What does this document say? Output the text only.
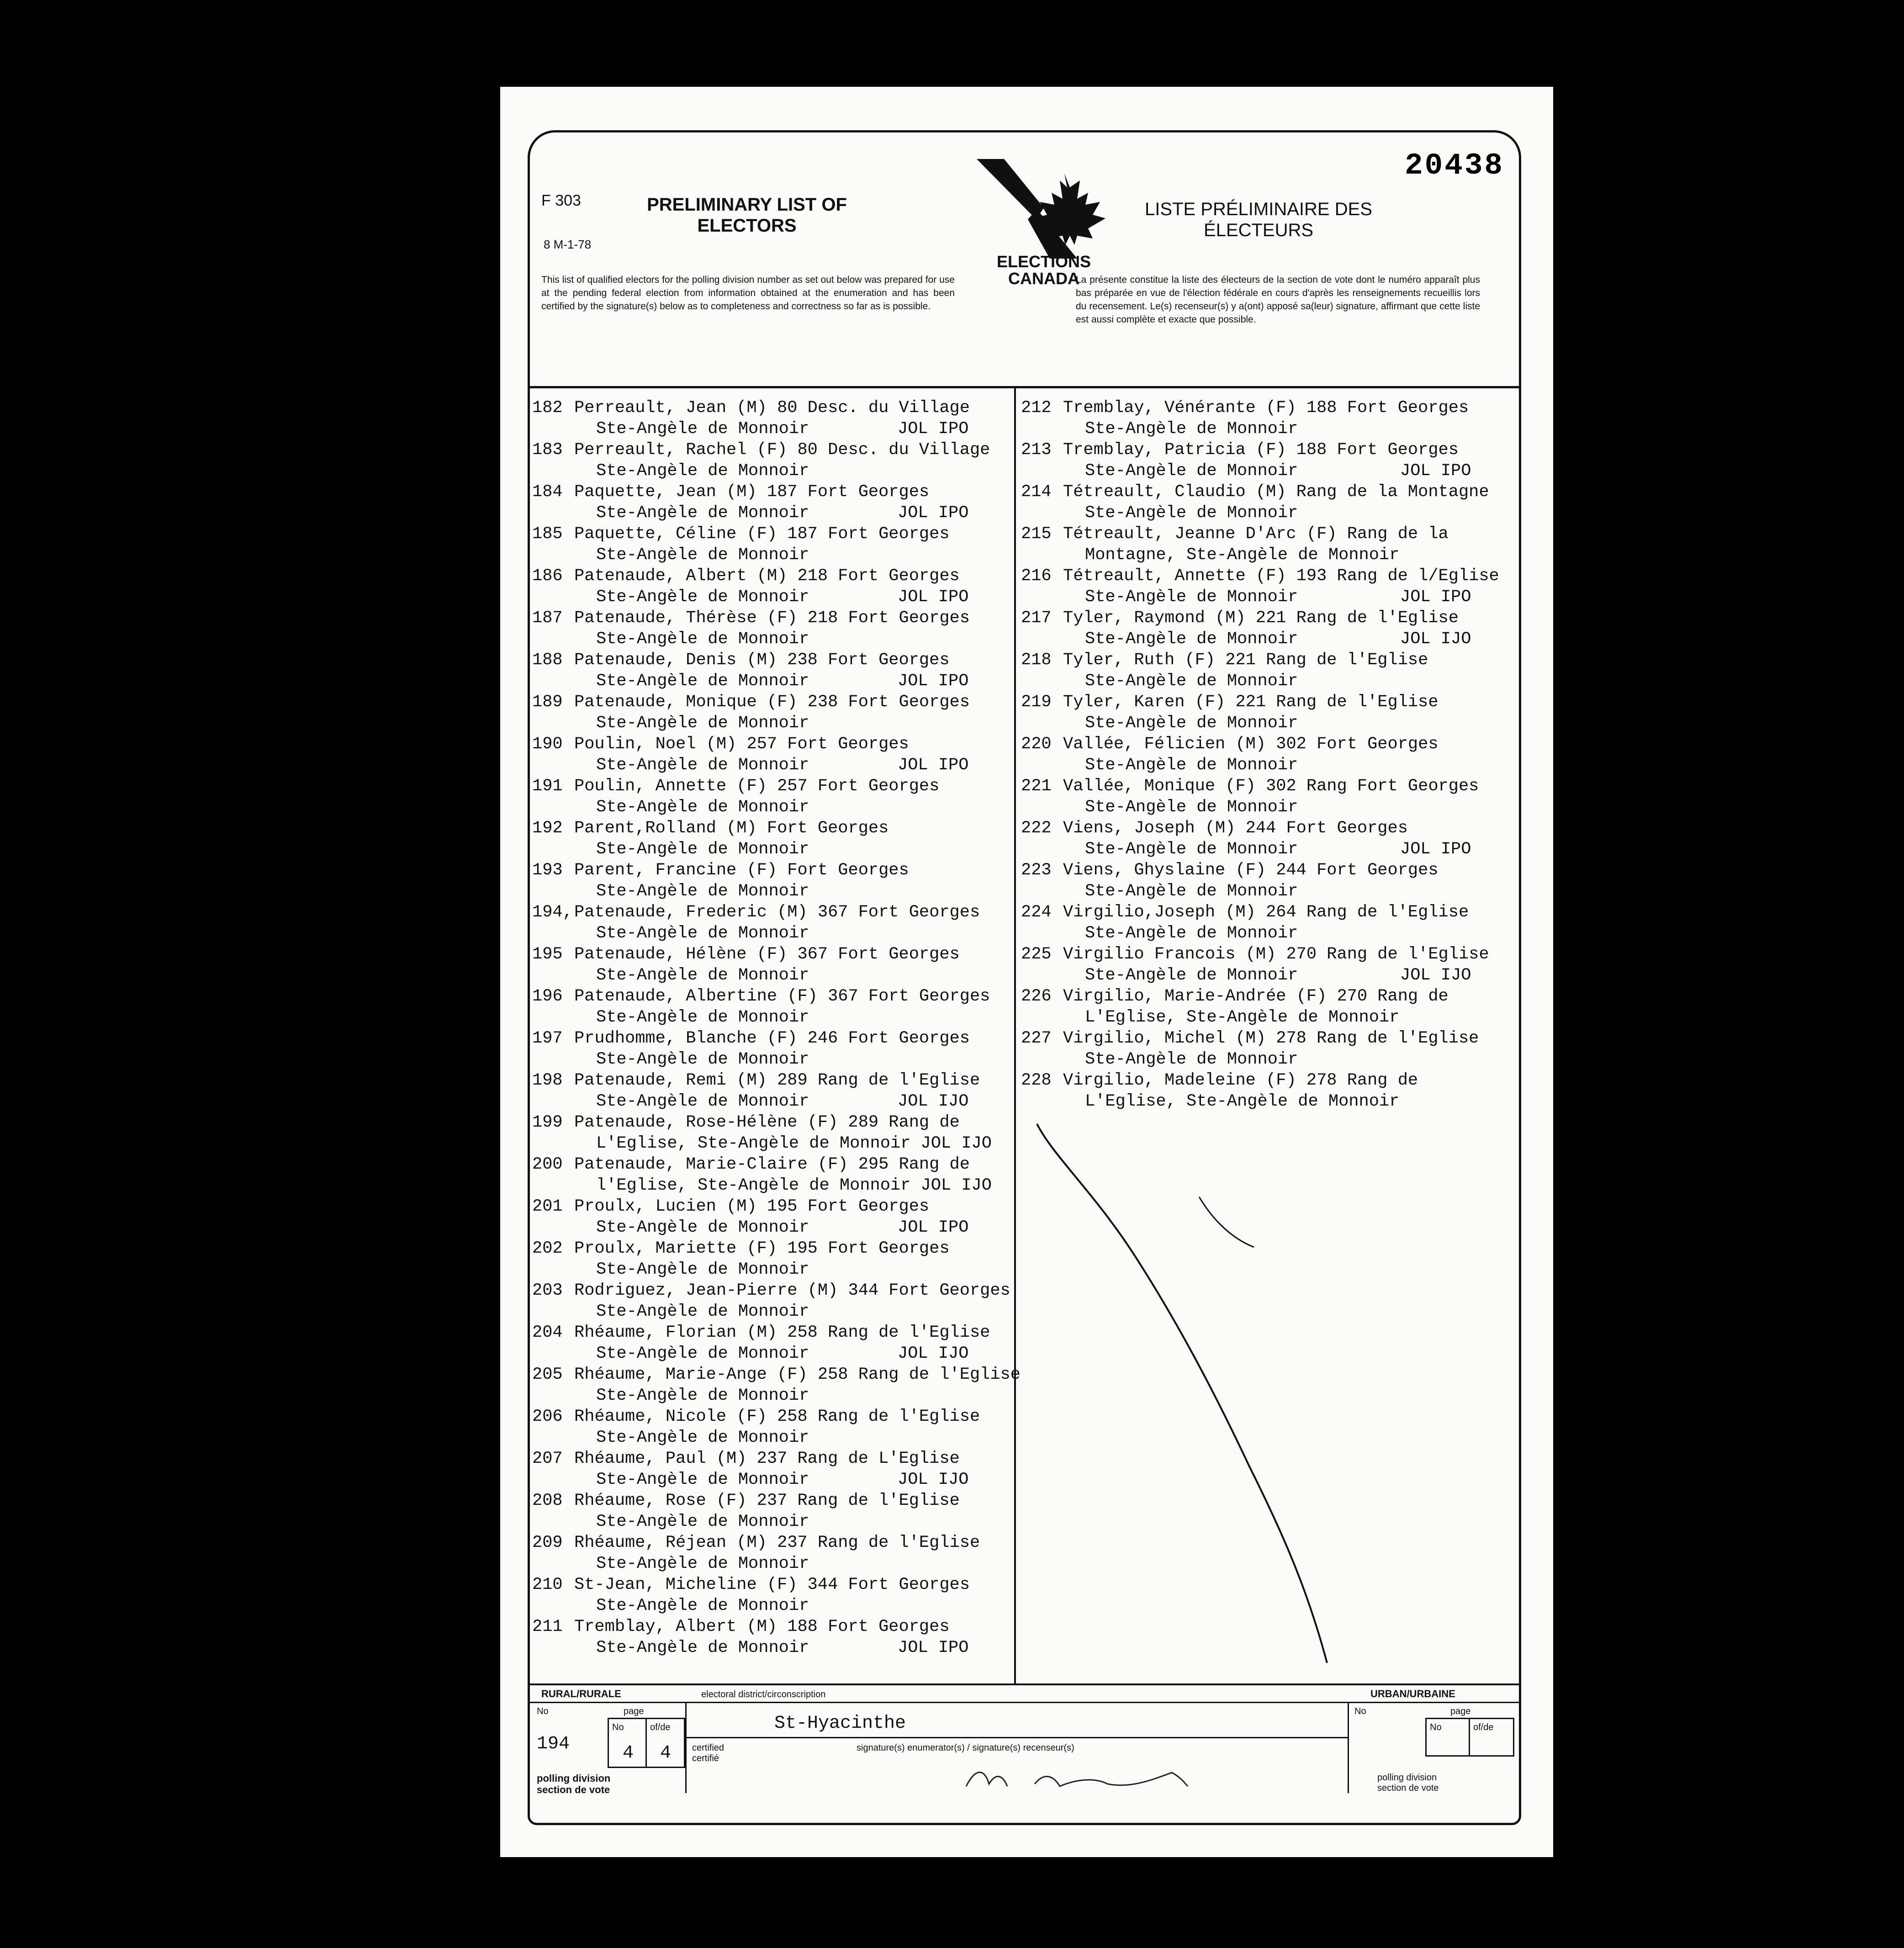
20438
F 303
8 M-1-78
PRELIMINARY LIST OF ELECTORS
LISTE PRÉLIMINAIRE DES ÉLECTEURS
ELECTIONS
CANADA
This list of qualified electors for the polling division number as set out below was prepared for use at the pending federal election from information obtained at the enumeration and has been certified by the signature(s) below as to completeness and correctness so far as is possible.
La présente constitue la liste des électeurs de la section de vote dont le numéro apparaît plus bas préparée en vue de l'élection fédérale en cours d'après les renseignements recueillis lors du recensement. Le(s) recenseur(s) y a(ont) apposé sa(leur) signature, affirmant que cette liste est aussi complète et exacte que possible.
182 Perreault, Jean (M) 80 Desc. du Village
Ste-Angèle de Monnoir	JOL IPO
183 Perreault, Rachel (F) 80 Desc. du Village
Ste-Angèle de Monnoir
184 Paquette, Jean (M) 187 Fort Georges
Ste-Angèle de Monnoir	JOL IPO
185 Paquette, Céline (F) 187 Fort Georges
Ste-Angèle de Monnoir
186 Patenaude, Albert (M) 218 Fort Georges
Ste-Angèle de Monnoir	JOL IPO
187 Patenaude, Thérèse (F) 218 Fort Georges
Ste-Angèle de Monnoir
188 Patenaude, Denis (M) 238 Fort Georges
Ste-Angèle de Monnoir	JOL IPO
189 Patenaude, Monique (F) 238 Fort Georges
Ste-Angèle de Monnoir
190 Poulin, Noel (M) 257 Fort Georges
Ste-Angèle de Monnoir	JOL IPO
191 Poulin, Annette (F) 257 Fort Georges
Ste-Angèle de Monnoir
192 Parent,Rolland (M) Fort Georges
Ste-Angèle de Monnoir
193 Parent, Francine (F) Fort Georges
Ste-Angèle de Monnoir
194, Patenaude, Frederic (M) 367 Fort Georges
Ste-Angèle de Monnoir
195 Patenaude, Hélène (F) 367 Fort Georges
Ste-Angèle de Monnoir
196 Patenaude, Albertine (F) 367 Fort Georges
Ste-Angèle de Monnoir
197 Prudhomme, Blanche (F) 246 Fort Georges
Ste-Angèle de Monnoir
198 Patenaude, Remi (M) 289 Rang de l'Eglise
Ste-Angèle de Monnoir	JOL IJO
199 Patenaude, Rose-Hélène (F) 289 Rang de
L'Eglise, Ste-Angèle de Monnoir JOL IJO
200 Patenaude, Marie-Claire (F) 295 Rang de
l'Eglise, Ste-Angèle de Monnoir JOL IJO
201 Proulx, Lucien (M) 195 Fort Georges
Ste-Angèle de Monnoir	JOL IPO
202 Proulx, Mariette (F) 195 Fort Georges
Ste-Angèle de Monnoir
203 Rodriguez, Jean-Pierre (M) 344 Fort Georges
Ste-Angèle de Monnoir
204 Rhéaume, Florian (M) 258 Rang de l'Eglise
Ste-Angèle de Monnoir	JOL IJO
205 Rhéaume, Marie-Ange (F) 258 Rang de l'Eglise
Ste-Angèle de Monnoir
206 Rhéaume, Nicole (F) 258 Rang de l'Eglise
Ste-Angèle de Monnoir
207 Rhéaume, Paul (M) 237 Rang de L'Eglise
Ste-Angèle de Monnoir	JOL IJO
208 Rhéaume, Rose (F) 237 Rang de l'Eglise
Ste-Angèle de Monnoir
209 Rhéaume, Réjean (M) 237 Rang de l'Eglise
Ste-Angèle de Monnoir
210 St-Jean, Micheline (F) 344 Fort Georges
Ste-Angèle de Monnoir
211 Tremblay, Albert (M) 188 Fort Georges
Ste-Angèle de Monnoir	JOL IPO
212 Tremblay, Vénérante (F) 188 Fort Georges
Ste-Angèle de Monnoir
213 Tremblay, Patricia (F) 188 Fort Georges
Ste-Angèle de Monnoir	JOL IPO
214 Tétreault, Claudio (M) Rang de la Montagne
Ste-Angèle de Monnoir
215 Tétreault, Jeanne D'Arc (F) Rang de la
Montagne, Ste-Angèle de Monnoir
216 Tétreault, Annette (F) 193 Rang de l/Eglise
Ste-Angèle de Monnoir	JOL IPO
217 Tyler, Raymond (M) 221 Rang de l'Eglise
Ste-Angèle de Monnoir	JOL IJO
218 Tyler, Ruth (F) 221 Rang de l'Eglise
Ste-Angèle de Monnoir
219 Tyler, Karen (F) 221 Rang de l'Eglise
Ste-Angèle de Monnoir
220 Vallée, Félicien (M) 302 Fort Georges
Ste-Angèle de Monnoir
221 Vallée, Monique (F) 302 Rang Fort Georges
Ste-Angèle de Monnoir
222 Viens, Joseph (M) 244 Fort Georges
Ste-Angèle de Monnoir	JOL IPO
223 Viens, Ghyslaine (F) 244 Fort Georges
Ste-Angèle de Monnoir
224 Virgilio,Joseph (M) 264 Rang de l'Eglise
Ste-Angèle de Monnoir
225 Virgilio Francois (M) 270 Rang de l'Eglise
Ste-Angèle de Monnoir	JOL IJO
226 Virgilio, Marie-Andrée (F) 270 Rang de
L'Eglise, Ste-Angèle de Monnoir
227 Virgilio, Michel (M) 278 Rang de l'Eglise
Ste-Angèle de Monnoir
228 Virgilio, Madeleine (F) 278 Rang de
L'Eglise, Ste-Angèle de Monnoir
RURAL/RURALE	electoral district/circonscription	URBAN/URBAINE
No	page
No	of/de
194	4 4
polling division
section de vote
St-Hyacinthe
certified
certifié
signature(s) enumerator(s) / signature(s) recenseur(s)
No	page
No	of/de
polling division
section de vote
